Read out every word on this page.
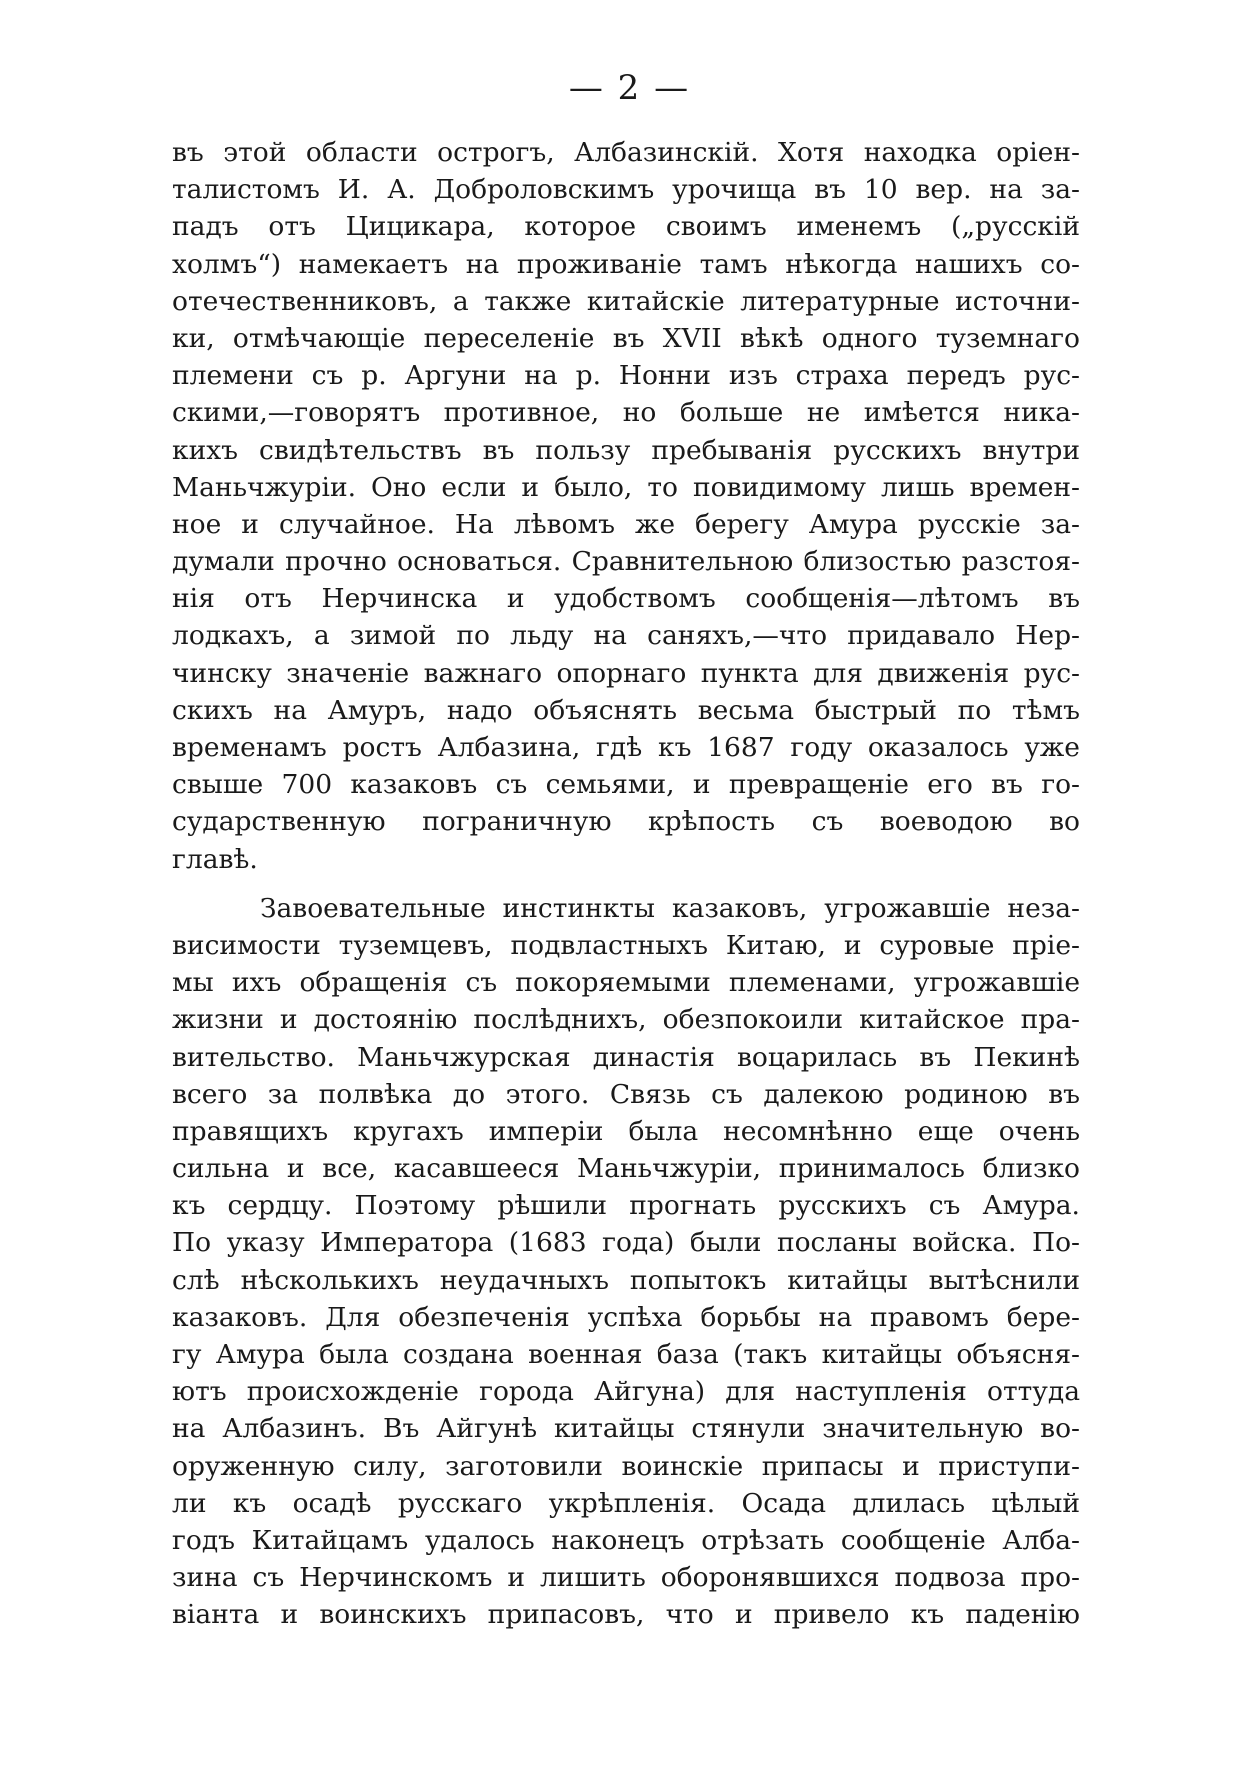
— 2 —
въ этой области острогъ, Албазинскій. Хотя находка оріен-
талистомъ И. А. Доброловскимъ урочища въ 10 вер. на за-
падъ отъ Цицикара, которое своимъ именемъ („русскій
холмъ“) намекаетъ на проживаніе тамъ нѣкогда нашихъ со-
отечественниковъ, а также китайскіе литературные источни-
ки, отмѣчающіе переселеніе въ XVII вѣкѣ одного туземнаго
племени съ р. Аргуни на р. Нонни изъ страха передъ рус-
скими,—говорятъ противное, но больше не имѣется ника-
кихъ свидѣтельствъ въ пользу пребыванія русскихъ внутри
Маньчжуріи. Оно если и было, то повидимому лишь времен-
ное и случайное. На лѣвомъ же берегу Амура русскіе за-
думали прочно основаться. Сравнительною близостью разстоя-
нія отъ Нерчинска и удобствомъ сообщенія—лѣтомъ въ
лодкахъ, а зимой по льду на саняхъ,—что придавало Нер-
чинску значеніе важнаго опорнаго пункта для движенія рус-
скихъ на Амуръ, надо объяснять весьма быстрый по тѣмъ
временамъ ростъ Албазина, гдѣ къ 1687 году оказалось уже
свыше 700 казаковъ съ семьями, и превращеніе его въ го-
сударственную пограничную крѣпость съ воеводою во
главѣ.
Завоевательные инстинкты казаковъ, угрожавшіе неза-
висимости туземцевъ, подвластныхъ Китаю, и суровые пріе-
мы ихъ обращенія съ покоряемыми племенами, угрожавшіе
жизни и достоянію послѣднихъ, обезпокоили китайское пра-
вительство. Маньчжурская династія воцарилась въ Пекинѣ
всего за полвѣка до этого. Связь съ далекою родиною въ
правящихъ кругахъ имперіи была несомнѣнно еще очень
сильна и все, касавшееся Маньчжуріи, принималось близко
къ сердцу. Поэтому рѣшили прогнать русскихъ съ Амура.
По указу Императора (1683 года) были посланы войска. По-
слѣ нѣсколькихъ неудачныхъ попытокъ китайцы вытѣснили
казаковъ. Для обезпеченія успѣха борьбы на правомъ бере-
гу Амура была создана военная база (такъ китайцы объясня-
ютъ происхожденіе города Айгуна) для наступленія оттуда
на Албазинъ. Въ Айгунѣ китайцы стянули значительную во-
оруженную силу, заготовили воинскіе припасы и приступи-
ли къ осадѣ русскаго укрѣпленія. Осада длилась цѣлый
годъ Китайцамъ удалось наконецъ отрѣзать сообщеніе Алба-
зина съ Нерчинскомъ и лишить оборонявшихся подвоза про-
віанта и воинскихъ припасовъ, что и привело къ паденію
